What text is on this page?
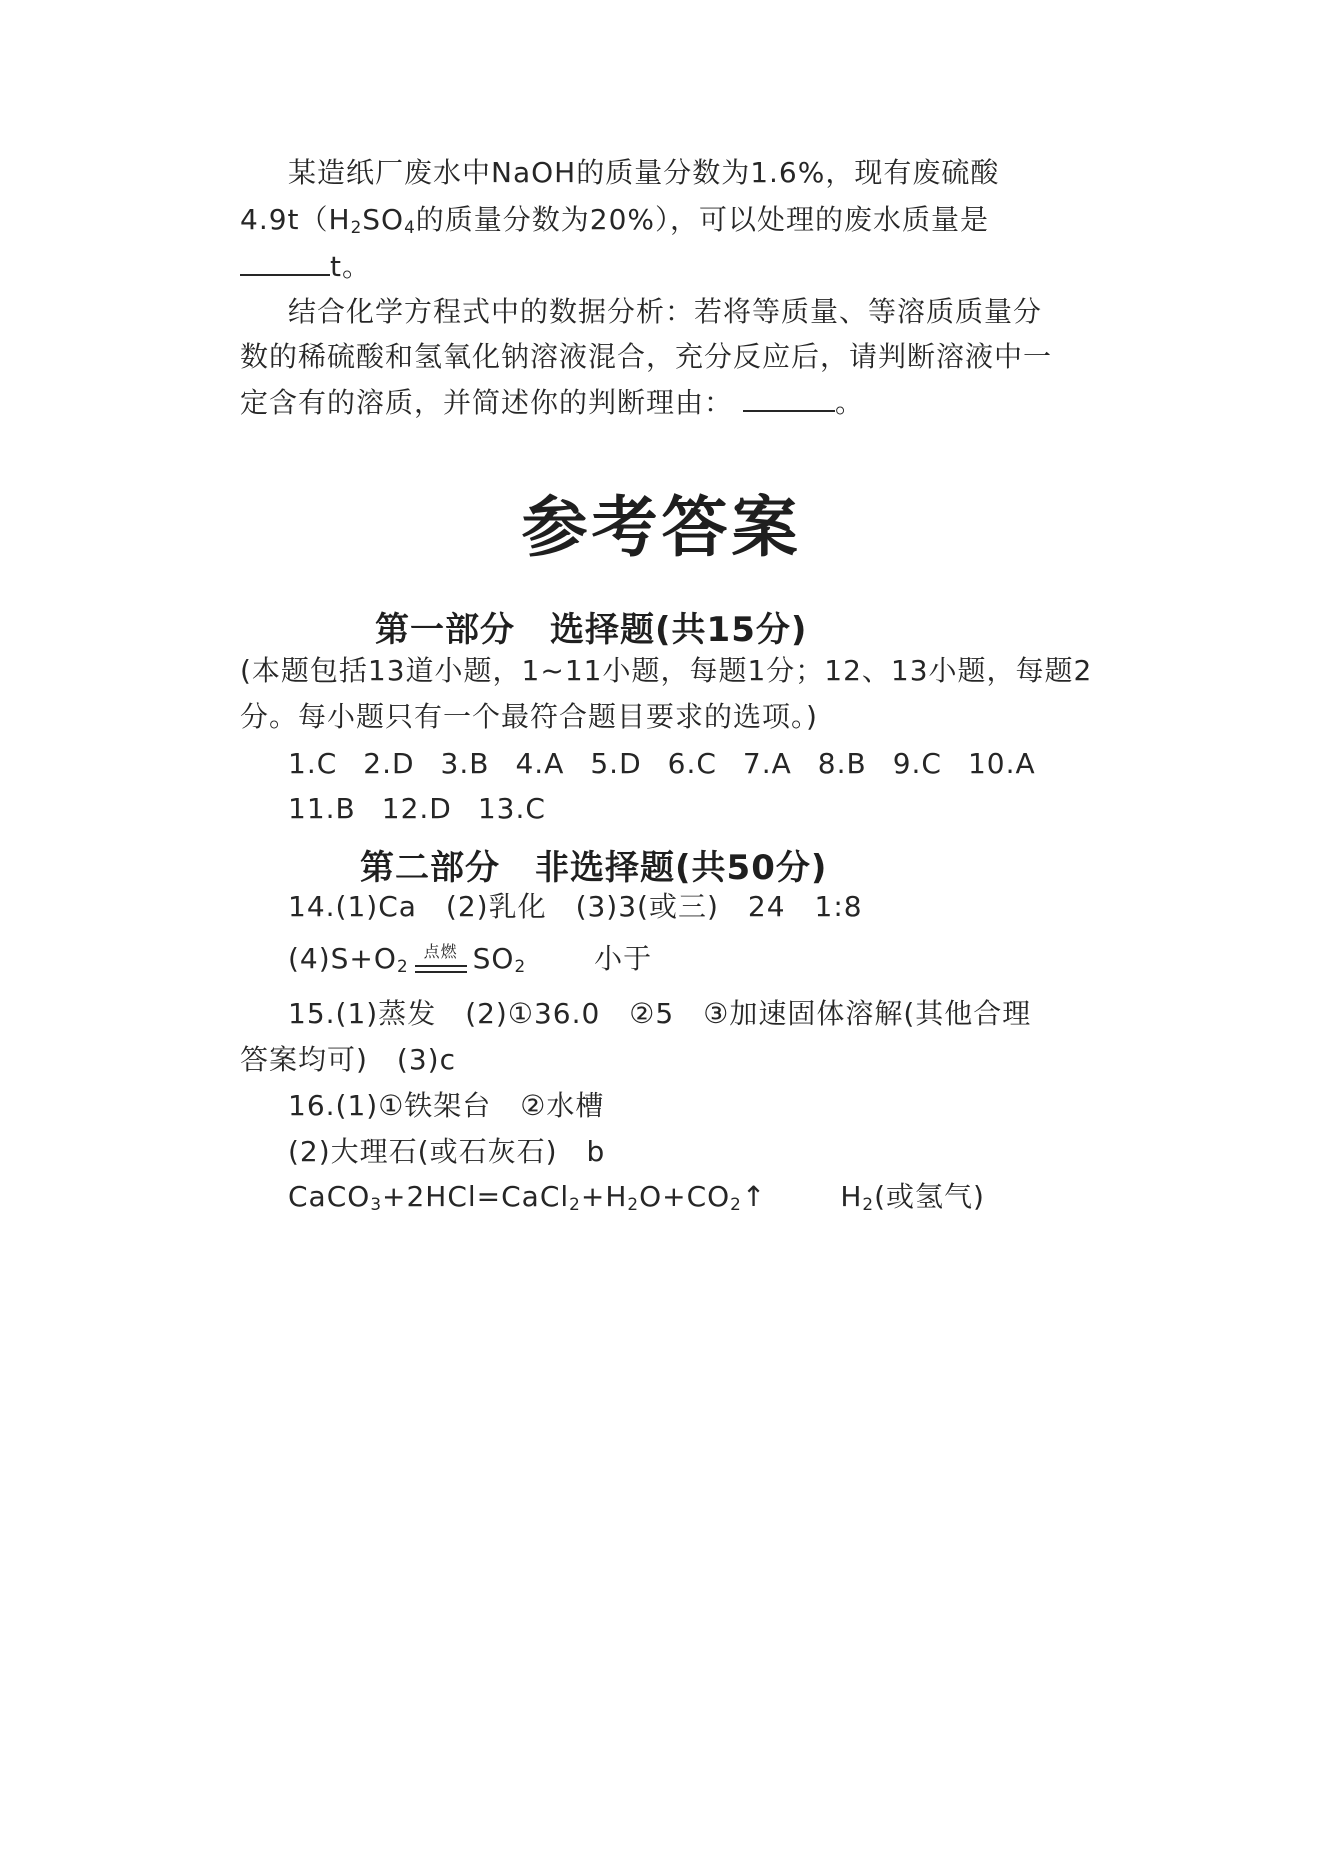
某造纸厂废水中NaOH的质量分数为1.6%，现有废硫酸
$4.9t(H_2SO_4$的质量分数为20%），可以处理的废水质量是
t。
结合化学方程式中的数据分析：若将等质量、等溶质质量分
数的稀硫酸和氢氧化钠溶液混合，充分反应后，请判断溶液中一
定含有的溶质，并简述你的判断理由：	。
参考答案
第一部分　选择题(共15分)
(本题包括13道小题，1~11小题，每题1分；12、13小题，每题2
分。每小题只有一个最符合题目要求的选项。)
1.C 2.D 3.B 4.A 5.D 6.C 7.A 8.B 9.C 10.A
11.B 12.D 13.C
第二部分　非选择题(共50分)
14.(1)Ca　(2)乳化　(3)3(或三)　24　1:8
$(4)S+O_2$
点燃 $SO_2$ 小于
15.(1)蒸发　(2)①36.0　②5　③加速固体溶解(其他合理
答案均可)　(3)c
16.(1)①铁架台　②水槽
(2)大理石(或石灰石)　b
$CaCO_3+2HCl=CaCl_2+H_2O+CO_2↑$	$H_2$(或氢气)
